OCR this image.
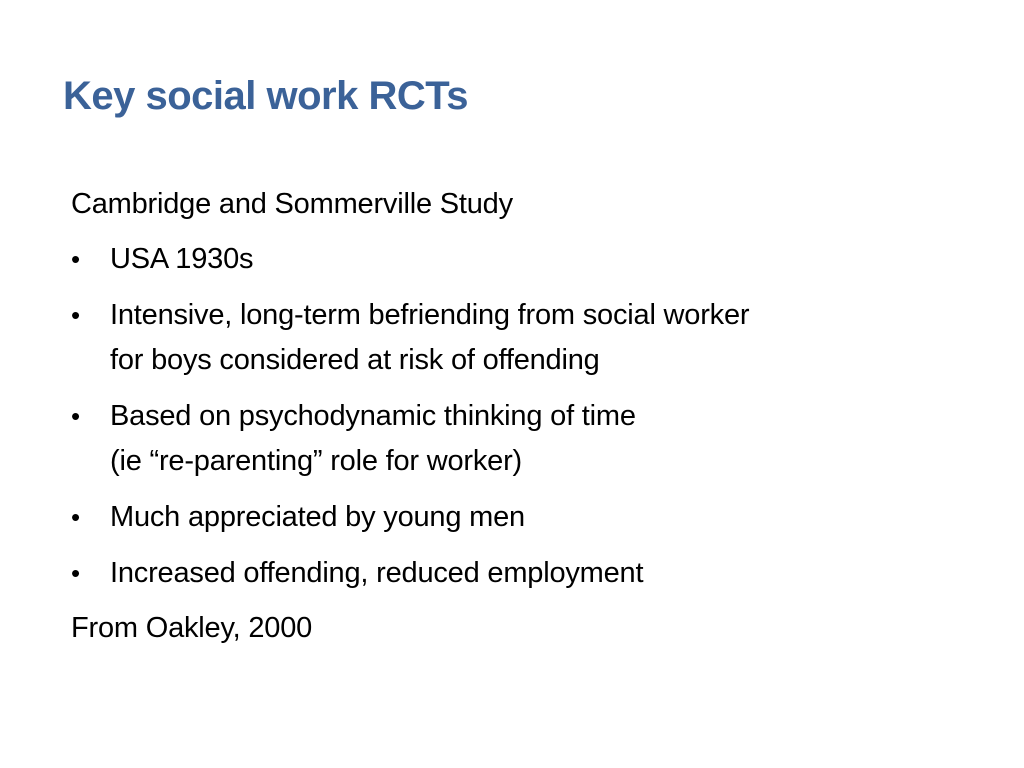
Key social work RCTs
Cambridge and Sommerville Study
• USA 1930s
• Intensive, long-term befriending from social worker
for boys considered at risk of offending
• Based on psychodynamic thinking of time
(ie “re-parenting” role for worker)
• Much appreciated by young men
• Increased offending, reduced employment
From Oakley, 2000
